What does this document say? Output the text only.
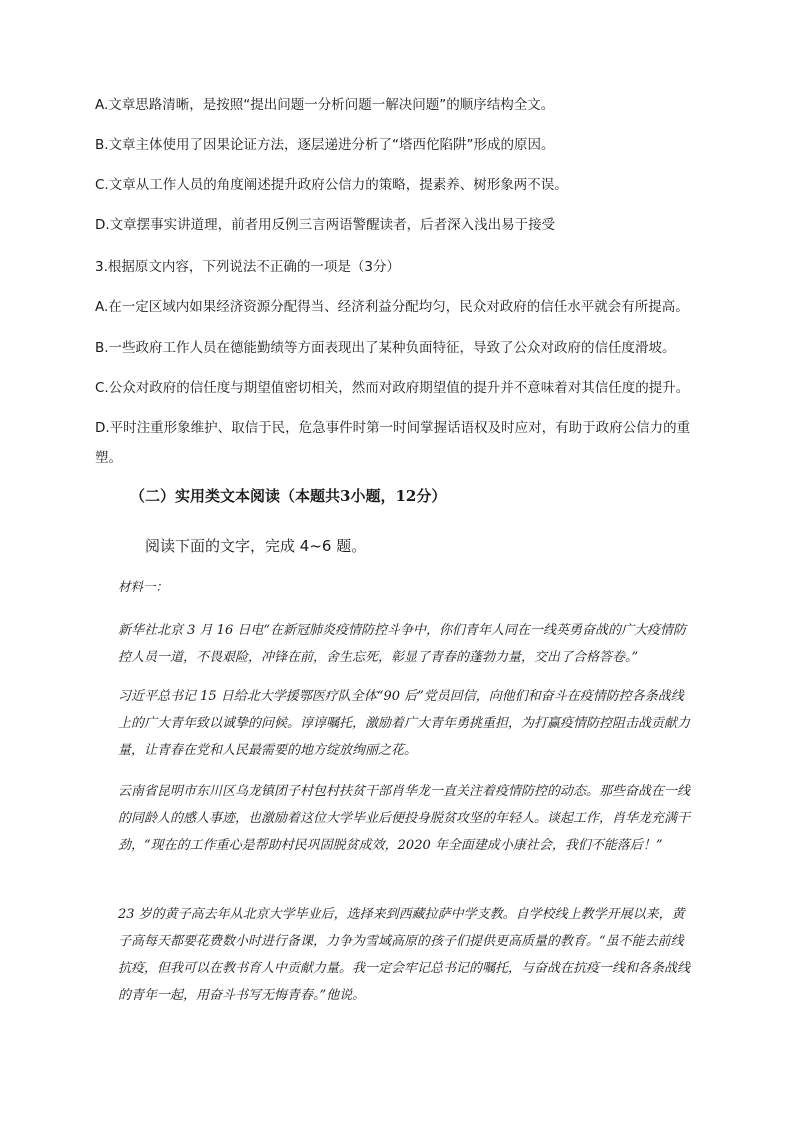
A.文章思路清晰，是按照“提出问题一分析问题一解决问题”的顺序结构全文。
B.文章主体使用了因果论证方法，逐层递进分析了“塔西佗陷阱”形成的原因。
C.文章从工作人员的角度阐述提升政府公信力的策略，提素养、树形象两不误。
D.文章摆事实讲道理，前者用反例三言两语警醒读者，后者深入浅出易于接受
3.根据原文内容，下列说法不正确的一项是（3分）
A.在一定区域内如果经济资源分配得当、经济利益分配均匀，民众对政府的信任水平就会有所提高。
B.一些政府工作人员在德能勤绩等方面表现出了某种负面特征，导致了公众对政府的信任度滑坡。
C.公众对政府的信任度与期望值密切相关，然而对政府期望值的提升并不意味着对其信任度的提升。
D.平时注重形象维护、取信于民，危急事件时第一时间掌握话语权及时应对，有助于政府公信力的重塑。
（二）实用类文本阅读（本题共3小题，12分）
阅读下面的文字，完成 4~6 题。
材料一：
新华社北京 3 月 16 日电“在新冠肺炎疫情防控斗争中，你们青年人同在一线英勇奋战的广大疫情防控人员一道，不畏艰险，冲锋在前，舍生忘死，彰显了青春的蓬勃力量，交出了合格答卷。”
习近平总书记 15 日给北大学援鄂医疗队全体“90 后”党员回信，向他们和奋斗在疫情防控各条战线上的广大青年致以诚挚的问候。谆谆嘱托，激励着广大青年勇挑重担，为打赢疫情防控阻击战贡献力量，让青春在党和人民最需要的地方绽放绚丽之花。
云南省昆明市东川区乌龙镇团子村包村扶贫干部肖华龙一直关注着疫情防控的动态。那些奋战在一线的同龄人的感人事迹，也激励着这位大学毕业后便投身脱贫攻坚的年轻人。谈起工作，肖华龙充满干劲，“现在的工作重心是帮助村民巩固脱贫成效，2020 年全面建成小康社会，我们不能落后！”
23 岁的黄子高去年从北京大学毕业后，选择来到西藏拉萨中学支教。自学校线上教学开展以来，黄子高每天都要花费数小时进行备课，力争为雪域高原的孩子们提供更高质量的教育。“虽不能去前线抗疫，但我可以在教书育人中贡献力量。我一定会牢记总书记的嘱托，与奋战在抗疫一线和各条战线的青年一起，用奋斗书写无悔青春。”他说。
